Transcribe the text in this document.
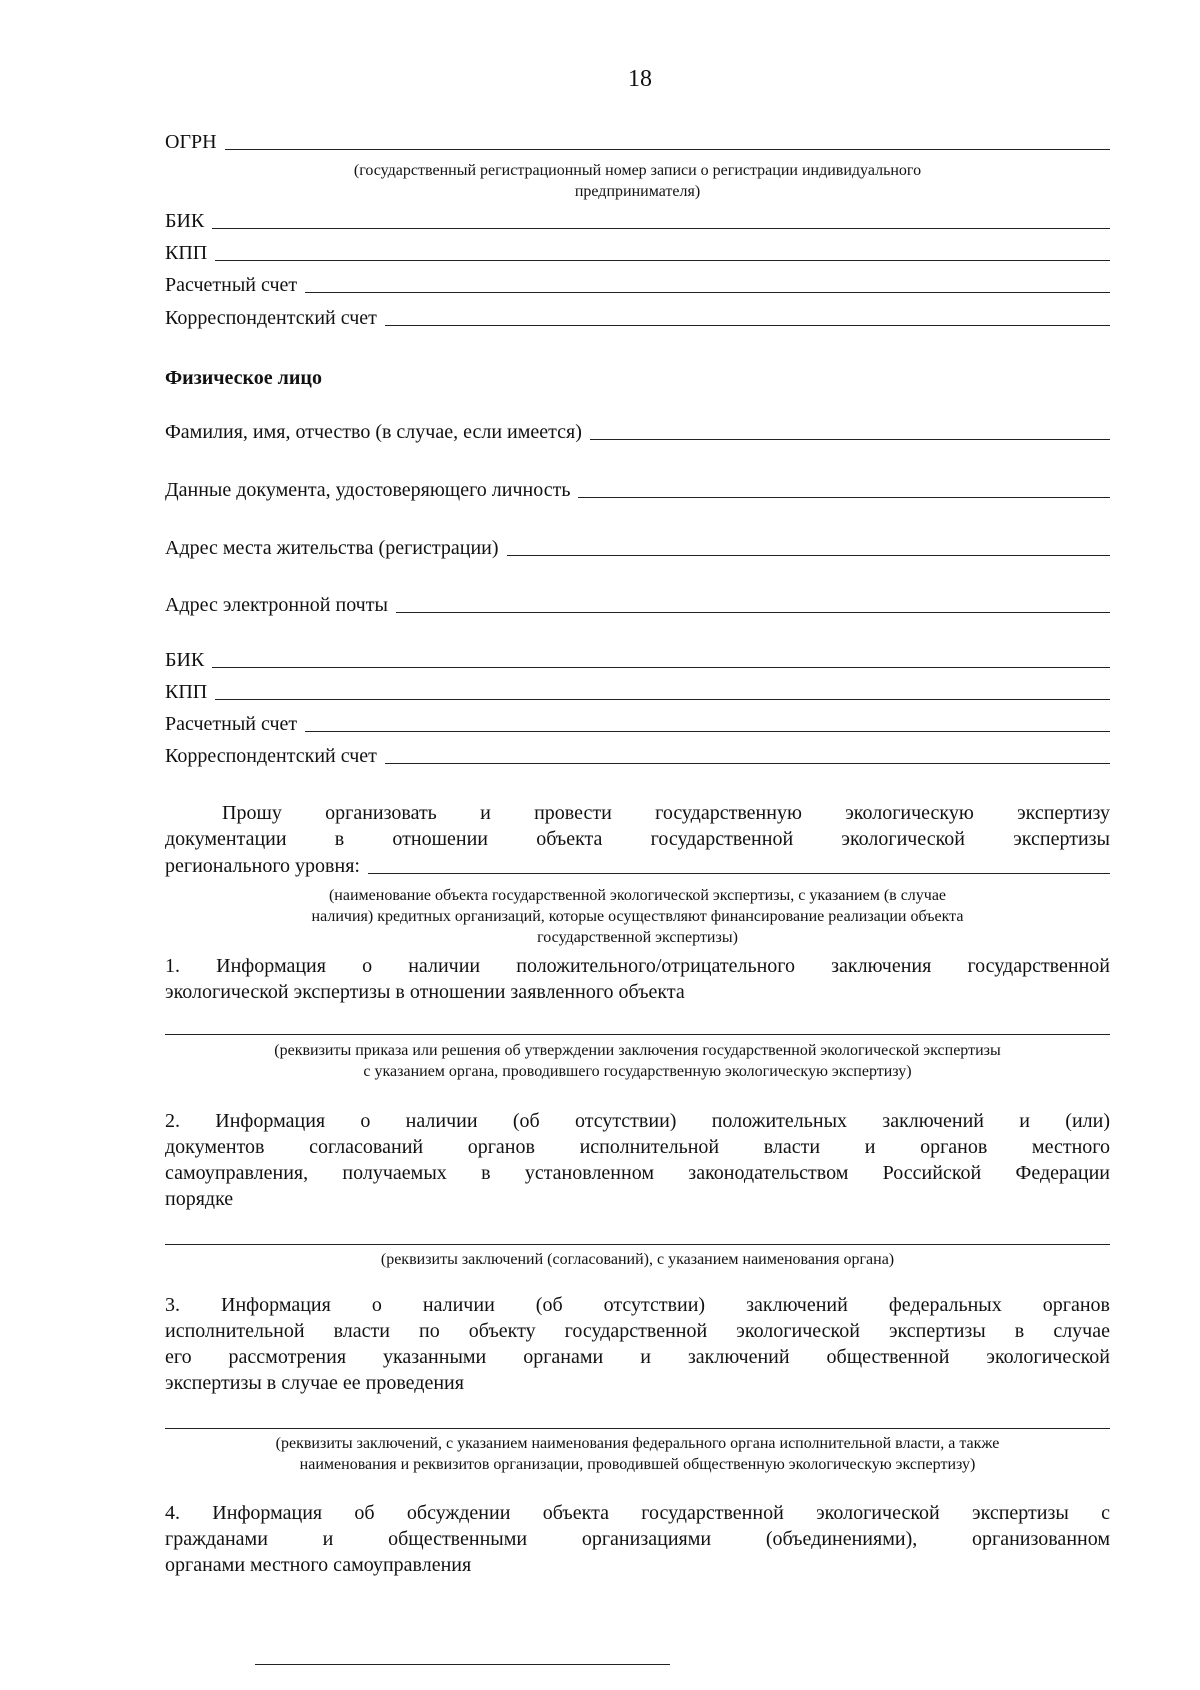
18
ОГРН
(государственный регистрационный номер записи о регистрации индивидуального
предпринимателя)
БИК
КПП
Расчетный счет
Корреспондентский счет
Физическое лицо
Фамилия, имя, отчество (в случае, если имеется)
Данные документа, удостоверяющего личность
Адрес места жительства (регистрации)
Адрес электронной почты
БИК
КПП
Расчетный счет
Корреспондентский счет
Прошу организовать и провести государственную экологическую экспертизу
документации в отношении объекта государственной экологической экспертизы
регионального уровня:
(наименование объекта государственной экологической экспертизы, с указанием (в случае
наличия) кредитных организаций, которые осуществляют финансирование реализации объекта
государственной экспертизы)
1. Информация о наличии положительного/отрицательного заключения государственной
экологической экспертизы в отношении заявленного объекта
(реквизиты приказа или решения об утверждении заключения государственной экологической экспертизы
с указанием органа, проводившего государственную экологическую экспертизу)
2. Информация о наличии (об отсутствии) положительных заключений и (или)
документов согласований органов исполнительной власти и органов местного
самоуправления, получаемых в установленном законодательством Российской Федерации
порядке
(реквизиты заключений (согласований), с указанием наименования органа)
3. Информация о наличии (об отсутствии) заключений федеральных органов
исполнительной власти по объекту государственной экологической экспертизы в случае
его рассмотрения указанными органами и заключений общественной экологической
экспертизы в случае ее проведения
(реквизиты заключений, с указанием наименования федерального органа исполнительной власти, а также
наименования и реквизитов организации, проводившей общественную экологическую экспертизу)
4. Информация об обсуждении объекта государственной экологической экспертизы с
гражданами и общественными организациями (объединениями), организованном
органами местного самоуправления
